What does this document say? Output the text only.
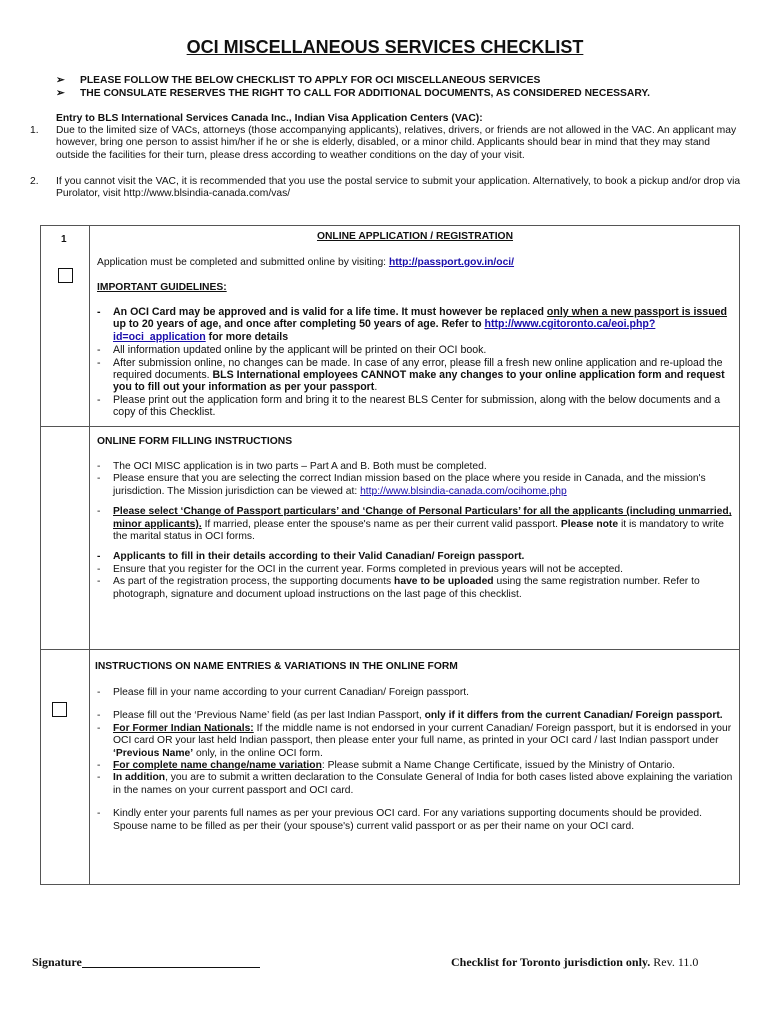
OCI MISCELLANEOUS SERVICES CHECKLIST
➢ PLEASE FOLLOW THE BELOW CHECKLIST TO APPLY FOR OCI MISCELLANEOUS SERVICES
➢ THE CONSULATE RESERVES THE RIGHT TO CALL FOR ADDITIONAL DOCUMENTS, AS CONSIDERED NECESSARY.
Entry to BLS International Services Canada Inc., Indian Visa Application Centers (VAC):
1. Due to the limited size of VACs, attorneys (those accompanying applicants), relatives, drivers, or friends are not allowed in the VAC. An applicant may however, bring one person to assist him/her if he or she is elderly, disabled, or a minor child. Applicants should bear in mind that they may stand outside the facilities for their turn, please dress according to weather conditions on the day of your visit.
2. If you cannot visit the VAC, it is recommended that you use the postal service to submit your application. Alternatively, to book a pickup and/or drop via Purolator, visit http://www.blsindia-canada.com/vas/
1	ONLINE APPLICATION / REGISTRATION
Application must be completed and submitted online by visiting: http://passport.gov.in/oci/
IMPORTANT GUIDELINES:
- An OCI Card may be approved and is valid for a life time. It must however be replaced only when a new passport is issued up to 20 years of age, and once after completing 50 years of age. Refer to http://www.cgitoronto.ca/eoi.php?id=oci_application for more details
- All information updated online by the applicant will be printed on their OCI book.
- After submission online, no changes can be made. In case of any error, please fill a fresh new online application and re-upload the required documents. BLS International employees CANNOT make any changes to your online application form and request you to fill out your information as per your passport.
- Please print out the application form and bring it to the nearest BLS Center for submission, along with the below documents and a copy of this Checklist.
ONLINE FORM FILLING INSTRUCTIONS
- The OCI MISC application is in two parts – Part A and B. Both must be completed.
- Please ensure that you are selecting the correct Indian mission based on the place where you reside in Canada, and the mission's jurisdiction. The Mission jurisdiction can be viewed at: http://www.blsindia-canada.com/ocihome.php
- Please select ‘Change of Passport particulars’ and ‘Change of Personal Particulars’ for all the applicants (including unmarried, minor applicants). If married, please enter the spouse's name as per their current valid passport. Please note it is mandatory to write the marital status in OCI forms.
- Applicants to fill in their details according to their Valid Canadian/ Foreign passport.
- Ensure that you register for the OCI in the current year. Forms completed in previous years will not be accepted.
- As part of the registration process, the supporting documents have to be uploaded using the same registration number. Refer to photograph, signature and document upload instructions on the last page of this checklist.
INSTRUCTIONS ON NAME ENTRIES & VARIATIONS IN THE ONLINE FORM
- Please fill in your name according to your current Canadian/ Foreign passport.
- Please fill out the ‘Previous Name’ field (as per last Indian Passport, only if it differs from the current Canadian/ Foreign passport.
- For Former Indian Nationals: If the middle name is not endorsed in your current Canadian/ Foreign passport, but it is endorsed in your OCI card OR your last held Indian passport, then please enter your full name, as printed in your OCI card / last Indian passport under ‘Previous Name’ only, in the online OCI form.
- For complete name change/name variation: Please submit a Name Change Certificate, issued by the Ministry of Ontario.
- In addition, you are to submit a written declaration to the Consulate General of India for both cases listed above explaining the variation in the names on your current passport and OCI card.
- Kindly enter your parents full names as per your previous OCI card. For any variations supporting documents should be provided. Spouse name to be filled as per their (your spouse's) current valid passport or as per their name on your OCI card.
Signature	Checklist for Toronto jurisdiction only. Rev. 11.0
